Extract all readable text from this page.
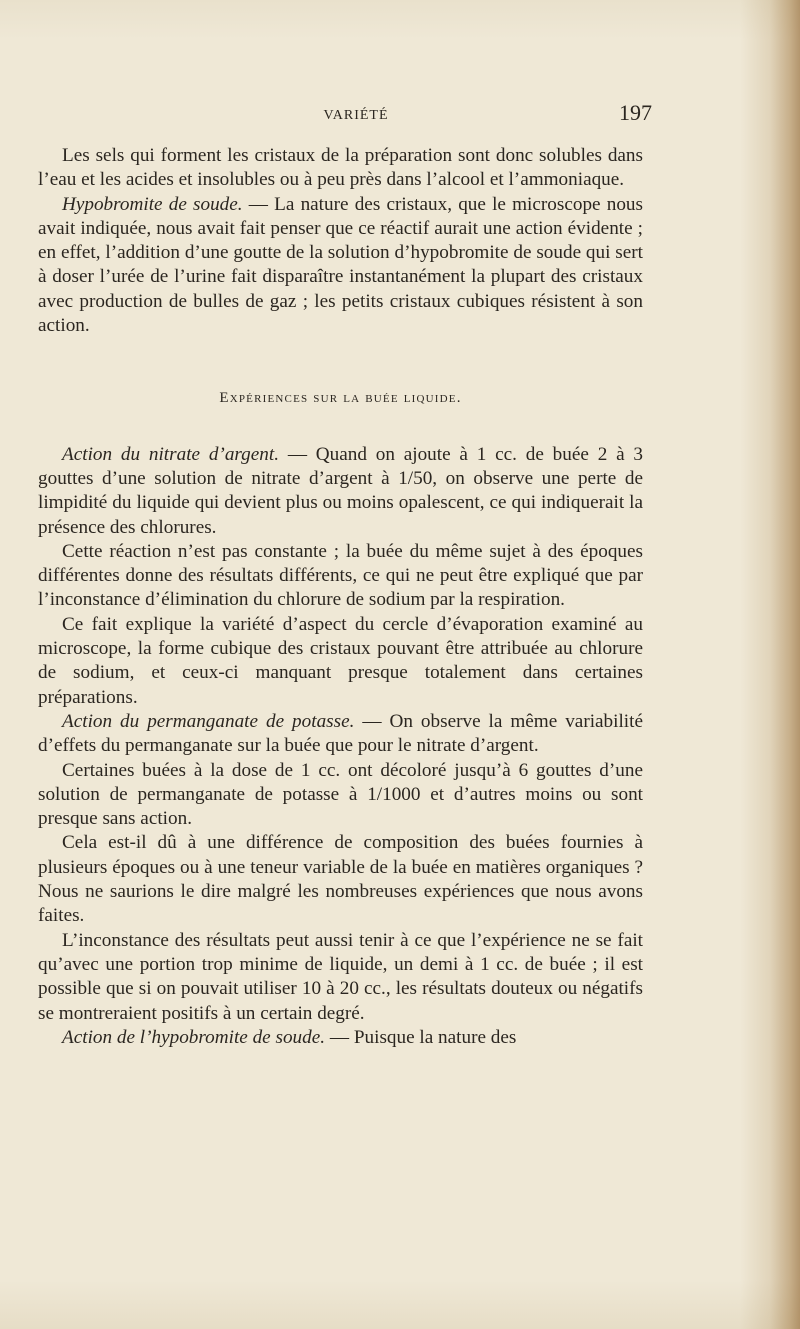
VARIÉTÉ	197

Les sels qui forment les cristaux de la préparation sont donc solubles dans l’eau et les acides et insolubles ou à peu près dans l’alcool et l’ammoniaque.

Hypobromite de soude. — La nature des cristaux, que le microscope nous avait indiquée, nous avait fait penser que ce réactif aurait une action évidente ; en effet, l’addition d’une goutte de la solution d’hypobromite de soude qui sert à doser l’urée de l’urine fait disparaître instantanément la plupart des cristaux avec production de bulles de gaz ; les petits cristaux cubiques résistent à son action.

Expériences sur la buée liquide.

Action du nitrate d’argent. — Quand on ajoute à 1 cc. de buée 2 à 3 gouttes d’une solution de nitrate d’argent à 1/50, on observe une perte de limpidité du liquide qui devient plus ou moins opalescent, ce qui indiquerait la présence des chlorures.

Cette réaction n’est pas constante ; la buée du même sujet à des époques différentes donne des résultats différents, ce qui ne peut être expliqué que par l’inconstance d’élimination du chlorure de sodium par la respiration.

Ce fait explique la variété d’aspect du cercle d’évaporation examiné au microscope, la forme cubique des cristaux pouvant être attribuée au chlorure de sodium, et ceux-ci manquant presque totalement dans certaines préparations.

Action du permanganate de potasse. — On observe la même variabilité d’effets du permanganate sur la buée que pour le nitrate d’argent.

Certaines buées à la dose de 1 cc. ont décoloré jusqu’à 6 gouttes d’une solution de permanganate de potasse à 1/1000 et d’autres moins ou sont presque sans action.

Cela est-il dû à une différence de composition des buées fournies à plusieurs époques ou à une teneur variable de la buée en matières organiques ? Nous ne saurions le dire malgré les nombreuses expériences que nous avons faites.

L’inconstance des résultats peut aussi tenir à ce que l’expérience ne se fait qu’avec une portion trop minime de liquide, un demi à 1 cc. de buée ; il est possible que si on pouvait utiliser 10 à 20 cc., les résultats douteux ou négatifs se montreraient positifs à un certain degré.

Action de l’hypobromite de soude. — Puisque la nature des
